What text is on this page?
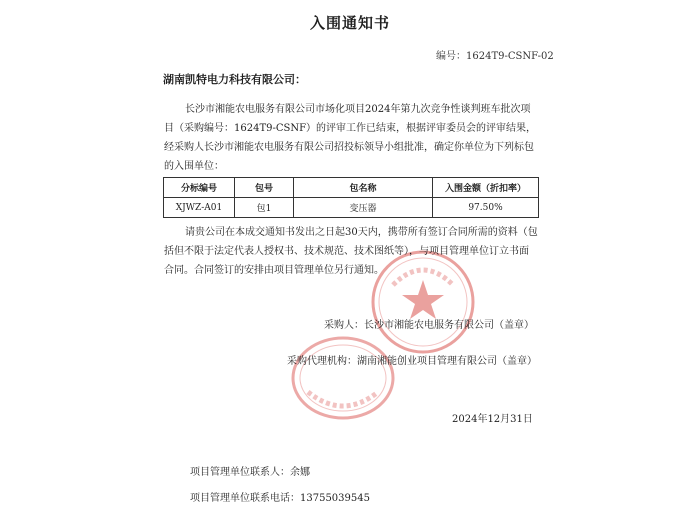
入围通知书
编号：1624T9-CSNF-02
湖南凯特电力科技有限公司：
长沙市湘能农电服务有限公司市场化项目2024年第九次竞争性谈判班车批次项目（采购编号：1624T9-CSNF）的评审工作已结束，根据评审委员会的评审结果，经采购人长沙市湘能农电服务有限公司招投标领导小组批准，确定你单位为下列标包的入围单位：
分标编号	包号	包名称	入围金额（折扣率）
XJWZ-A01	包1	变压器	97.50%
请贵公司在本成交通知书发出之日起30天内，携带所有签订合同所需的资料（包括但不限于法定代表人授权书、技术规范、技术图纸等），与项目管理单位订立书面合同。合同签订的安排由项目管理单位另行通知。
采购人：长沙市湘能农电服务有限公司（盖章）
采购代理机构：湖南湘能创业项目管理有限公司（盖章）
2024年12月31日
项目管理单位联系人：余娜
项目管理单位联系电话：13755039545
